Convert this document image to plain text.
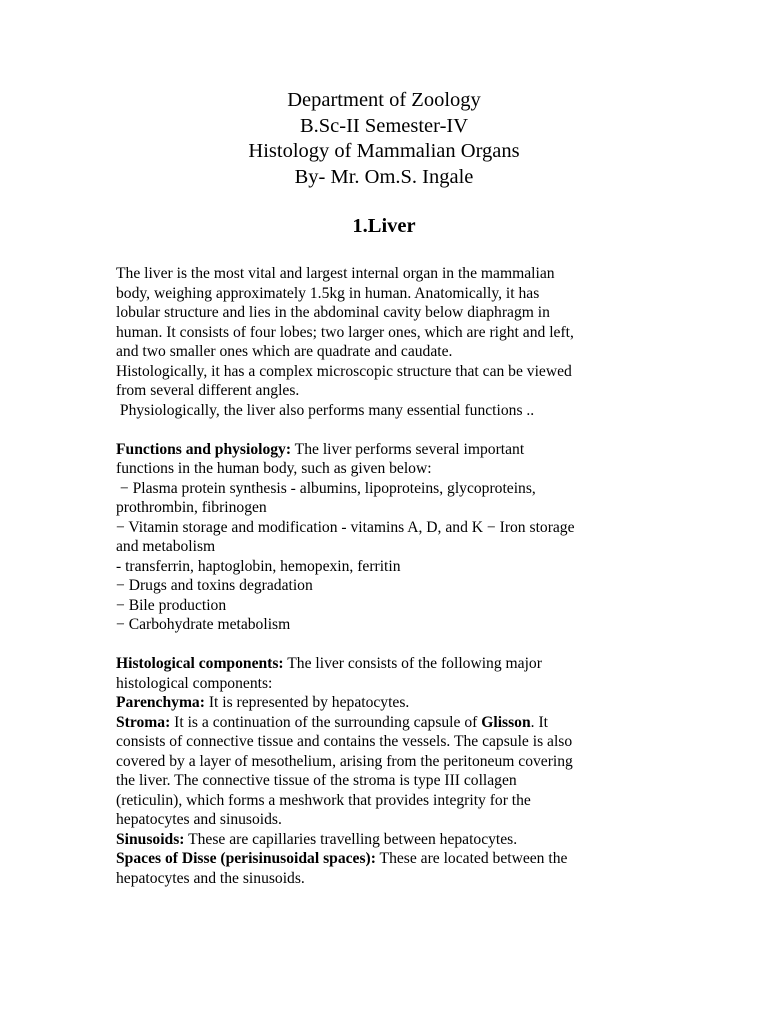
Department of Zoology
B.Sc-II Semester-IV
Histology of Mammalian Organs
By- Mr. Om.S. Ingale
1.Liver
The liver is the most vital and largest internal organ in the mammalian
body, weighing approximately 1.5kg in human. Anatomically, it has
lobular structure and lies in the abdominal cavity below diaphragm in
human. It consists of four lobes; two larger ones, which are right and left,
and two smaller ones which are quadrate and caudate.
Histologically, it has a complex microscopic structure that can be viewed
from several different angles.
Physiologically, the liver also performs many essential functions ..
Functions and physiology: The liver performs several important
functions in the human body, such as given below:
− Plasma protein synthesis - albumins, lipoproteins, glycoproteins,
prothrombin, fibrinogen
− Vitamin storage and modification - vitamins A, D, and K − Iron storage
and metabolism
- transferrin, haptoglobin, hemopexin, ferritin
− Drugs and toxins degradation
− Bile production
− Carbohydrate metabolism
Histological components: The liver consists of the following major
histological components:
Parenchyma: It is represented by hepatocytes.
Stroma: It is a continuation of the surrounding capsule of Glisson. It
consists of connective tissue and contains the vessels. The capsule is also
covered by a layer of mesothelium, arising from the peritoneum covering
the liver. The connective tissue of the stroma is type III collagen
(reticulin), which forms a meshwork that provides integrity for the
hepatocytes and sinusoids.
Sinusoids: These are capillaries travelling between hepatocytes.
Spaces of Disse (perisinusoidal spaces): These are located between the
hepatocytes and the sinusoids.
